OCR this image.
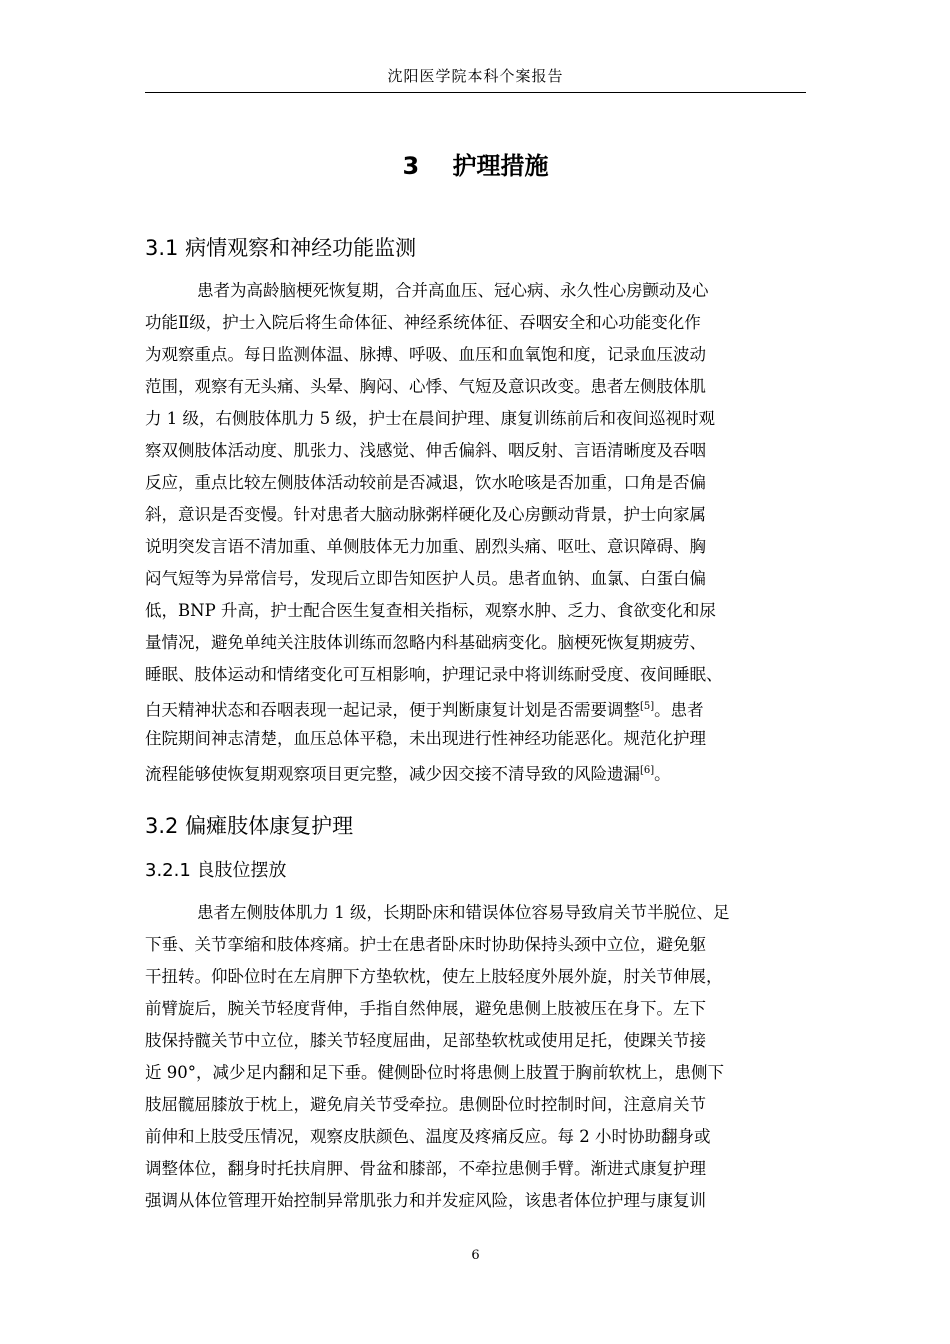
沈阳医学院本科个案报告
3    护理措施
3.1 病情观察和神经功能监测
患者为高龄脑梗死恢复期，合并高血压、冠心病、永久性心房颤动及心
功能Ⅱ级，护士入院后将生命体征、神经系统体征、吞咽安全和心功能变化作
为观察重点。每日监测体温、脉搏、呼吸、血压和血氧饱和度，记录血压波动
范围，观察有无头痛、头晕、胸闷、心悸、气短及意识改变。患者左侧肢体肌
力 1 级，右侧肢体肌力 5 级，护士在晨间护理、康复训练前后和夜间巡视时观
察双侧肢体活动度、肌张力、浅感觉、伸舌偏斜、咽反射、言语清晰度及吞咽
反应，重点比较左侧肢体活动较前是否减退，饮水呛咳是否加重，口角是否偏
斜，意识是否变慢。针对患者大脑动脉粥样硬化及心房颤动背景，护士向家属
说明突发言语不清加重、单侧肢体无力加重、剧烈头痛、呕吐、意识障碍、胸
闷气短等为异常信号，发现后立即告知医护人员。患者血钠、血氯、白蛋白偏
低，BNP 升高，护士配合医生复查相关指标，观察水肿、乏力、食欲变化和尿
量情况，避免单纯关注肢体训练而忽略内科基础病变化。脑梗死恢复期疲劳、
睡眠、肢体运动和情绪变化可互相影响，护理记录中将训练耐受度、夜间睡眠、
白天精神状态和吞咽表现一起记录，便于判断康复计划是否需要调整[5]。患者
住院期间神志清楚，血压总体平稳，未出现进行性神经功能恶化。规范化护理
流程能够使恢复期观察项目更完整，减少因交接不清导致的风险遗漏[6]。
3.2 偏瘫肢体康复护理
3.2.1 良肢位摆放
患者左侧肢体肌力 1 级，长期卧床和错误体位容易导致肩关节半脱位、足
下垂、关节挛缩和肢体疼痛。护士在患者卧床时协助保持头颈中立位，避免躯
干扭转。仰卧位时在左肩胛下方垫软枕，使左上肢轻度外展外旋，肘关节伸展，
前臂旋后，腕关节轻度背伸，手指自然伸展，避免患侧上肢被压在身下。左下
肢保持髋关节中立位，膝关节轻度屈曲，足部垫软枕或使用足托，使踝关节接
近 90°，减少足内翻和足下垂。健侧卧位时将患侧上肢置于胸前软枕上，患侧下
肢屈髋屈膝放于枕上，避免肩关节受牵拉。患侧卧位时控制时间，注意肩关节
前伸和上肢受压情况，观察皮肤颜色、温度及疼痛反应。每 2 小时协助翻身或
调整体位，翻身时托扶肩胛、骨盆和膝部，不牵拉患侧手臂。渐进式康复护理
强调从体位管理开始控制异常肌张力和并发症风险，该患者体位护理与康复训
6
